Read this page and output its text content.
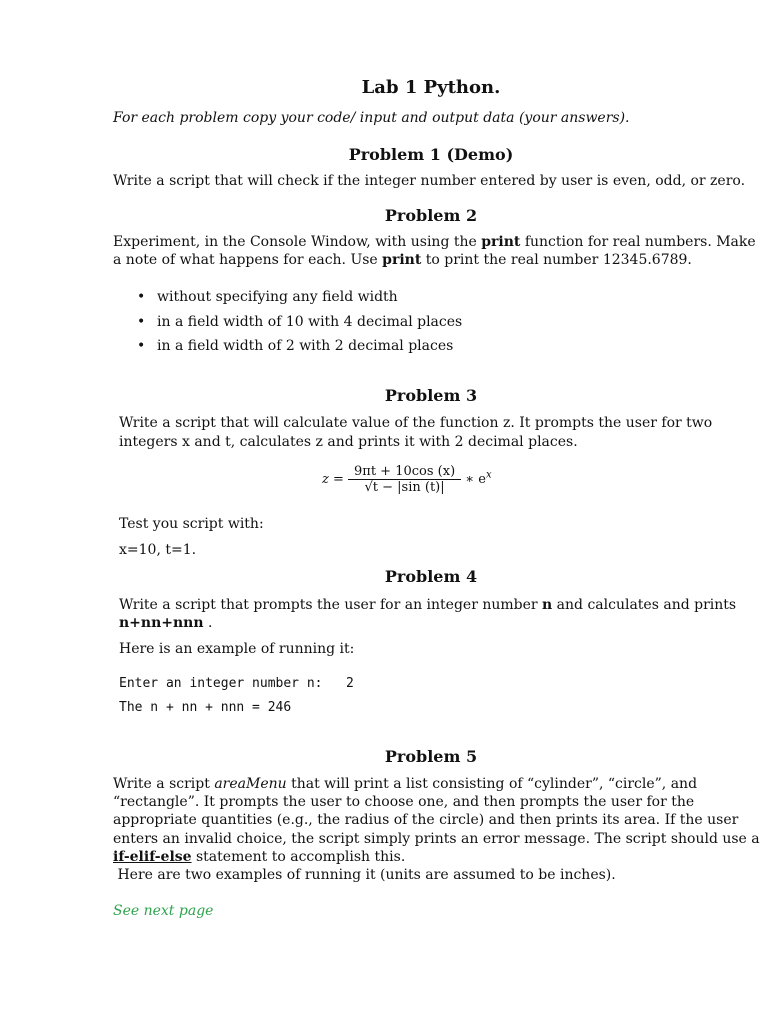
Lab 1 Python.
For each problem copy your code/ input and output data (your answers).
Problem 1 (Demo)
Write a script that will check if the integer number entered by user is even, odd, or zero.
Problem 2
Experiment, in the Console Window, with using the print function for real numbers. Make
a note of what happens for each. Use print to print the real number 12345.6789.
• without specifying any field width
• in a field width of 10 with 4 decimal places
• in a field width of 2 with 2 decimal places
Problem 3
Write a script that will calculate value of the function z. It prompts the user for two
integers x and t, calculates z and prints it with 2 decimal places.
$z = \frac{9\pi t + 10\cos (x)}{√t - |\sin (t)|}$ ∗ $e^x$
Test you script with:
x=10, t=1.
Problem 4
Write a script that prompts the user for an integer number n and calculates and prints
n+nn+nnn .
Here is an example of running it:
Enter an integer number n:   2
The n + nn + nnn = 246
Problem 5
Write a script areaMenu that will print a list consisting of “cylinder”, “circle”, and
“rectangle”. It prompts the user to choose one, and then prompts the user for the
appropriate quantities (e.g., the radius of the circle) and then prints its area. If the user
enters an invalid choice, the script simply prints an error message. The script should use a
if-elif-else statement to accomplish this.
Here are two examples of running it (units are assumed to be inches).
See next page
